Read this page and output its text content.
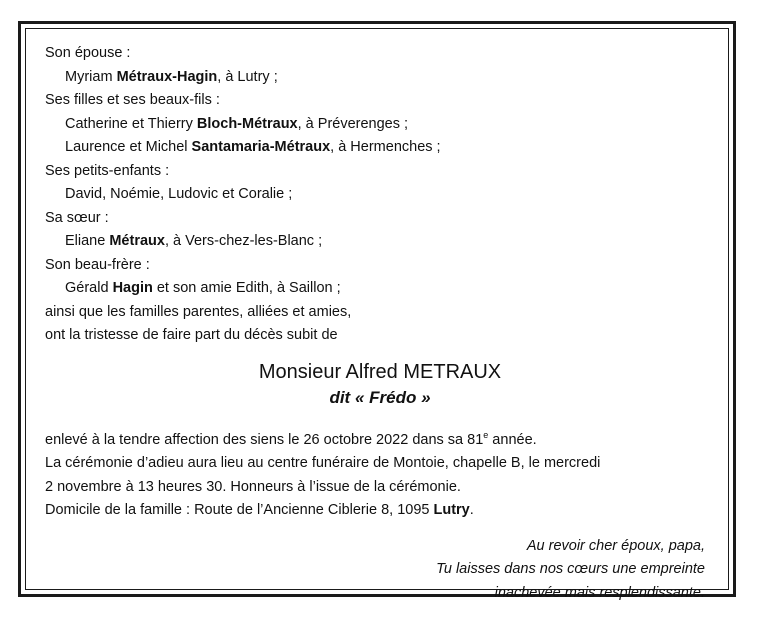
Son épouse :
Myriam Métraux-Hagin, à Lutry ;
Ses filles et ses beaux-fils :
Catherine et Thierry Bloch-Métraux, à Préverenges ;
Laurence et Michel Santamaria-Métraux, à Hermenches ;
Ses petits-enfants :
David, Noémie, Ludovic et Coralie ;
Sa sœur :
Eliane Métraux, à Vers-chez-les-Blanc ;
Son beau-frère :
Gérald Hagin et son amie Edith, à Saillon ;
ainsi que les familles parentes, alliées et amies,
ont la tristesse de faire part du décès subit de
Monsieur Alfred METRAUX
dit « Frédo »
enlevé à la tendre affection des siens le 26 octobre 2022 dans sa 81e année.
La cérémonie d’adieu aura lieu au centre funéraire de Montoie, chapelle B, le mercredi
2 novembre à 13 heures 30. Honneurs à l’issue de la cérémonie.
Domicile de la famille : Route de l’Ancienne Ciblerie 8, 1095 Lutry.
Au revoir cher époux, papa,
Tu laisses dans nos cœurs une empreinte
inachevée mais resplendissante.
